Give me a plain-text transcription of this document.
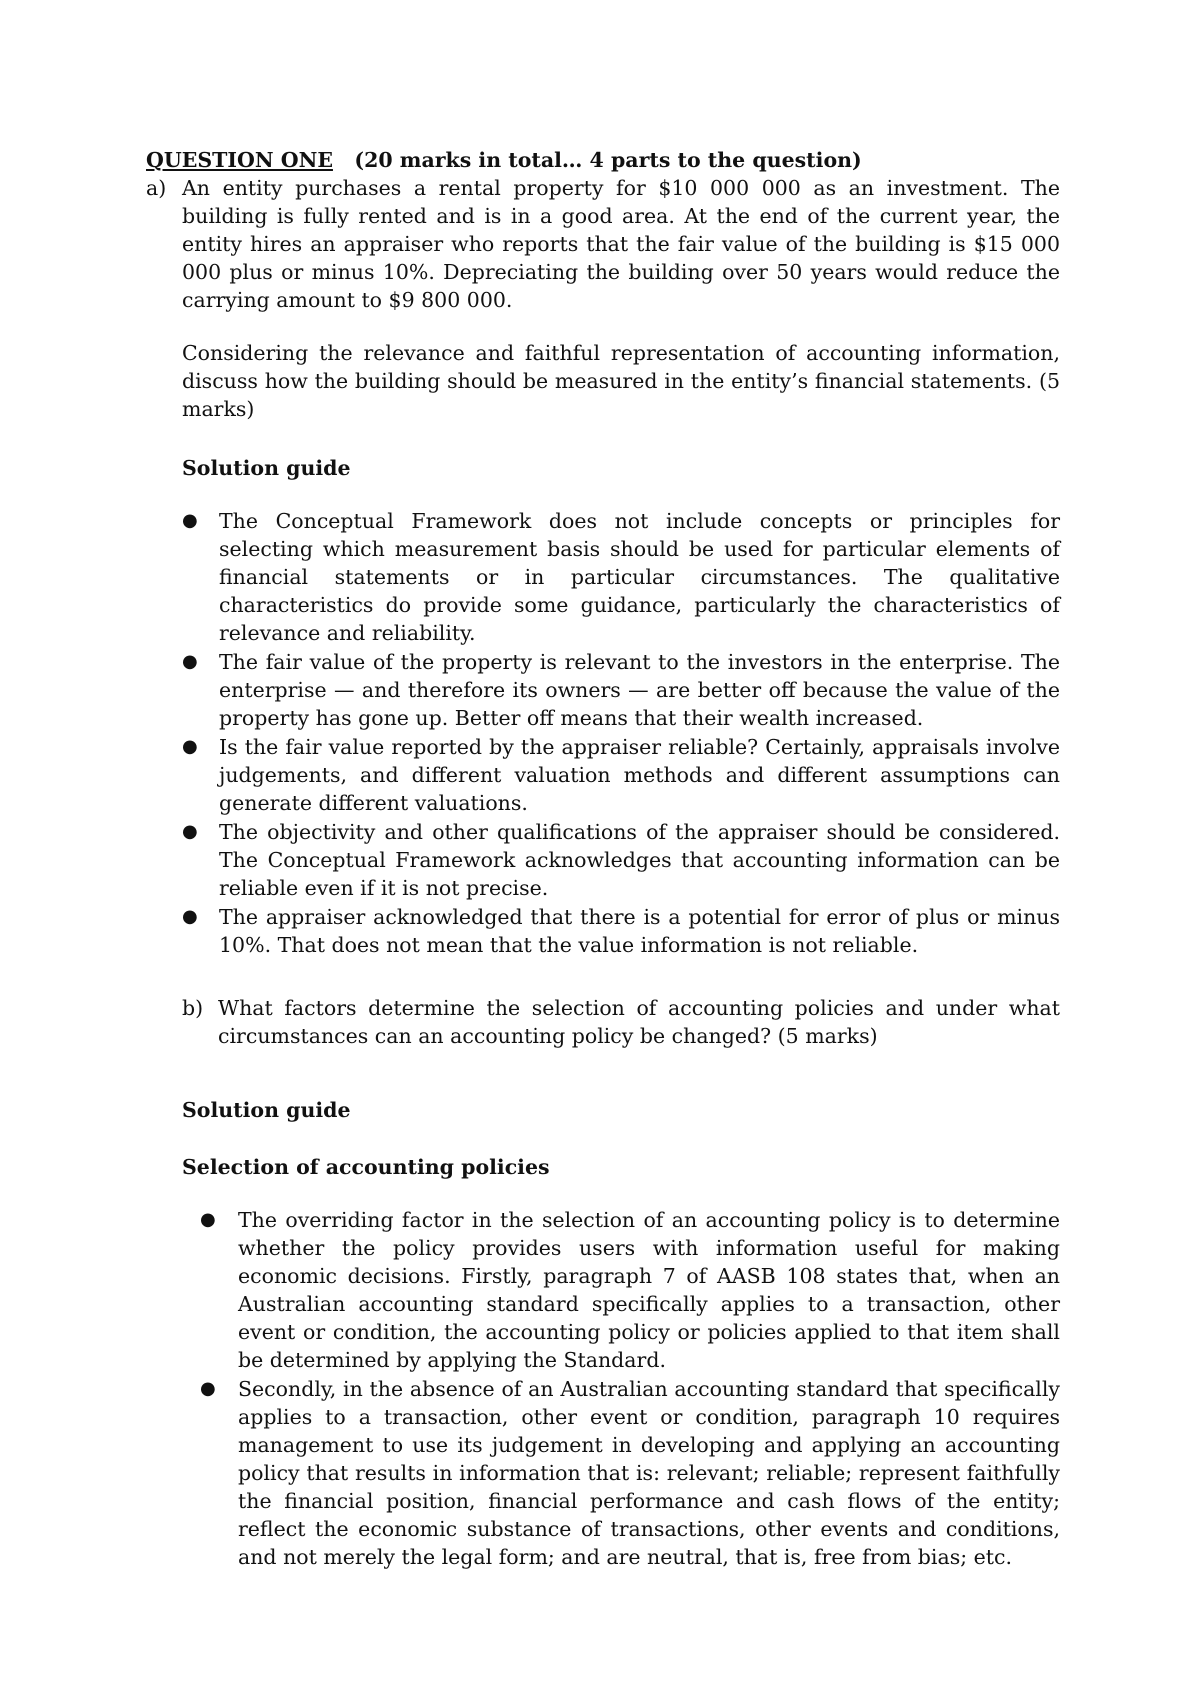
QUESTION ONE (20 marks in total… 4 parts to the question)
a) An entity purchases a rental property for $10 000 000 as an investment. The building is fully rented and is in a good area. At the end of the current year, the entity hires an appraiser who reports that the fair value of the building is $15 000 000 plus or minus 10%. Depreciating the building over 50 years would reduce the carrying amount to $9 800 000.
Considering the relevance and faithful representation of accounting information, discuss how the building should be measured in the entity’s financial statements. (5 marks)
Solution guide
● The Conceptual Framework does not include concepts or principles for selecting which measurement basis should be used for particular elements of financial statements or in particular circumstances. The qualitative characteristics do provide some guidance, particularly the characteristics of relevance and reliability.
● The fair value of the property is relevant to the investors in the enterprise. The enterprise — and therefore its owners — are better off because the value of the property has gone up. Better off means that their wealth increased.
● Is the fair value reported by the appraiser reliable? Certainly, appraisals involve judgements, and different valuation methods and different assumptions can generate different valuations.
● The objectivity and other qualifications of the appraiser should be considered. The Conceptual Framework acknowledges that accounting information can be reliable even if it is not precise.
● The appraiser acknowledged that there is a potential for error of plus or minus 10%. That does not mean that the value information is not reliable.
b) What factors determine the selection of accounting policies and under what circumstances can an accounting policy be changed? (5 marks)
Solution guide
Selection of accounting policies
● The overriding factor in the selection of an accounting policy is to determine whether the policy provides users with information useful for making economic decisions. Firstly, paragraph 7 of AASB 108 states that, when an Australian accounting standard specifically applies to a transaction, other event or condition, the accounting policy or policies applied to that item shall be determined by applying the Standard.
● Secondly, in the absence of an Australian accounting standard that specifically applies to a transaction, other event or condition, paragraph 10 requires management to use its judgement in developing and applying an accounting policy that results in information that is: relevant; reliable; represent faithfully the financial position, financial performance and cash flows of the entity; reflect the economic substance of transactions, other events and conditions, and not merely the legal form; and are neutral, that is, free from bias; etc.
